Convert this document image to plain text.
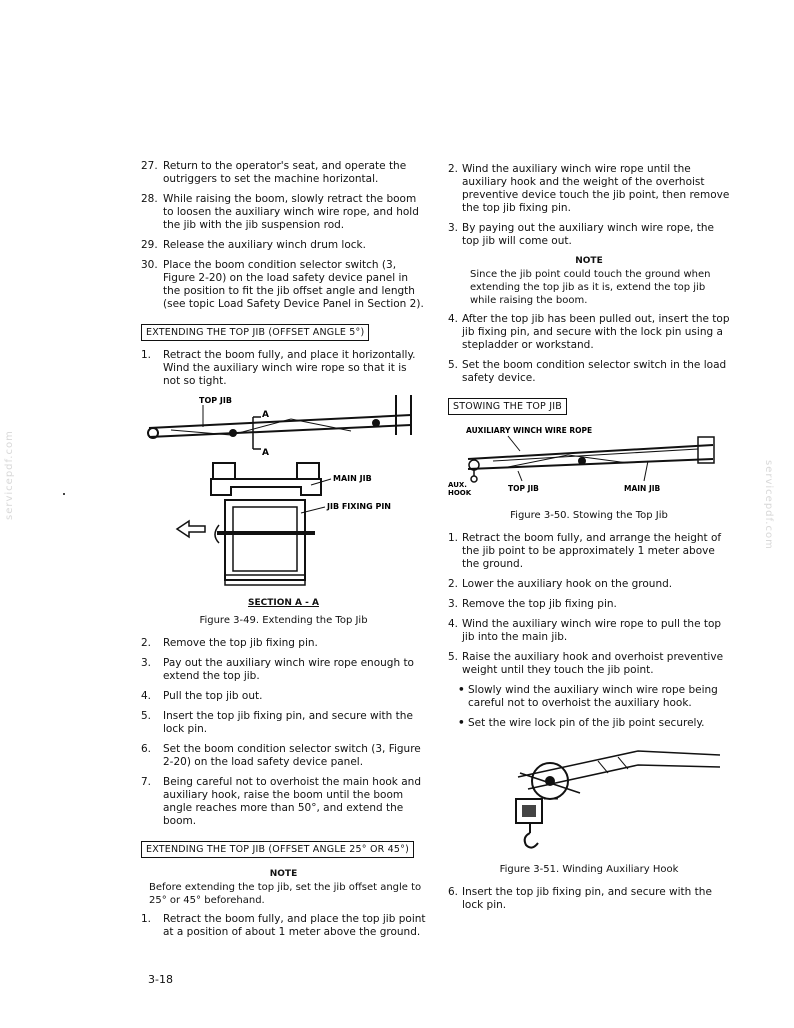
servicepdf.com	servicepdf.com
27. Return to the operator's seat, and operate the outriggers to set the machine horizontal.
28. While raising the boom, slowly retract the boom to loosen the auxiliary winch wire rope, and hold the jib with the jib suspension rod.
29. Release the auxiliary winch drum lock.
30. Place the boom condition selector switch (3, Figure 2-20) on the load safety device panel in the position to fit the jib offset angle and length (see topic Load Safety Device Panel in Section 2).
EXTENDING THE TOP JIB (OFFSET ANGLE 5°)
1.	Retract the boom fully, and place it horizontally. Wind the auxiliary winch wire rope so that it is not so tight.
TOP JIB
A
A
MAIN JIB
JIB FIXING PIN
SECTION A - A
Figure 3-49. Extending the Top Jib
2.	Remove the top jib fixing pin.
3.	Pay out the auxiliary winch wire rope enough to extend the top jib.
4.	Pull the top jib out.
5.	Insert the top jib fixing pin, and secure with the lock pin.
6.	Set the boom condition selector switch (3, Figure 2-20) on the load safety device panel.
7.	Being careful not to overhoist the main hook and auxiliary hook, raise the boom until the boom angle reaches more than 50°, and extend the boom.
EXTENDING THE TOP JIB (OFFSET ANGLE 25° OR 45°)
NOTE
Before extending the top jib, set the jib offset angle to 25° or 45° beforehand.
1.	Retract the boom fully, and place the top jib point at a position of about 1 meter above the ground.
2. Wind the auxiliary winch wire rope until the auxiliary hook and the weight of the overhoist preventive device touch the jib point, then remove the top jib fixing pin.
3. By paying out the auxiliary winch wire rope, the top jib will come out.
NOTE
Since the jib point could touch the ground when extending the top jib as it is, extend the top jib while raising the boom.
4. After the top jib has been pulled out, insert the top jib fixing pin, and secure with the lock pin using a stepladder or workstand.
5. Set the boom condition selector switch in the load safety device.
STOWING THE TOP JIB
AUXILIARY WINCH WIRE ROPE
AUX.
HOOK	TOP JIB	MAIN JIB
Figure 3-50. Stowing the Top Jib
1. Retract the boom fully, and arrange the height of the jib point to be approximately 1 meter above the ground.
2. Lower the auxiliary hook on the ground.
3. Remove the top jib fixing pin.
4. Wind the auxiliary winch wire rope to pull the top jib into the main jib.
5. Raise the auxiliary hook and overhoist preventive weight until they touch the jib point.
• Slowly wind the auxiliary winch wire rope being careful not to overhoist the auxiliary hook.
• Set the wire lock pin of the jib point securely.
Figure 3-51. Winding Auxiliary Hook
6. Insert the top jib fixing pin, and secure with the lock pin.
3-18
